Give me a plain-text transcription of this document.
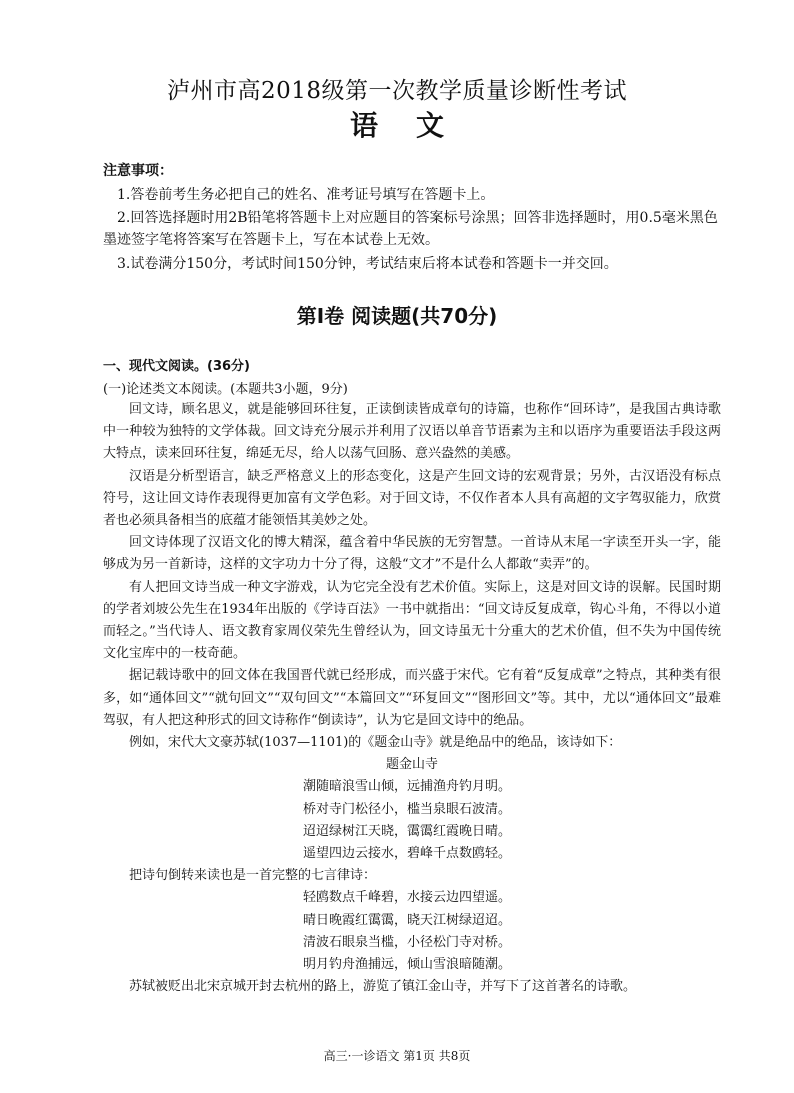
泸州市高2018级第一次教学质量诊断性考试
语 文
注意事项：
1.答卷前考生务必把自己的姓名、准考证号填写在答题卡上。
2.回答选择题时用2B铅笔将答题卡上对应题目的答案标号涂黑；回答非选择题时，用0.5毫米黑色墨迹签字笔将答案写在答题卡上，写在本试卷上无效。
3.试卷满分150分，考试时间150分钟，考试结束后将本试卷和答题卡一并交回。
第Ⅰ卷 阅读题(共70分)
一、现代文阅读。(36分)
(一)论述类文本阅读。(本题共3小题，9分)

回文诗，顾名思义，就是能够回环往复，正读倒读皆成章句的诗篇，也称作“回环诗”，是我国古典诗歌中一种较为独特的文学体裁。回文诗充分展示并利用了汉语以单音节语素为主和以语序为重要语法手段这两大特点，读来回环往复，绵延无尽，给人以荡气回肠、意兴盎然的美感。

汉语是分析型语言，缺乏严格意义上的形态变化，这是产生回文诗的宏观背景；另外，古汉语没有标点符号，这让回文诗作表现得更加富有文学色彩。对于回文诗，不仅作者本人具有高超的文字驾驭能力，欣赏者也必须具备相当的底蕴才能领悟其美妙之处。

回文诗体现了汉语文化的博大精深，蕴含着中华民族的无穷智慧。一首诗从末尾一字读至开头一字，能够成为另一首新诗，这样的文字功力十分了得，这般“文才”不是什么人都敢“卖弄”的。

有人把回文诗当成一种文字游戏，认为它完全没有艺术价值。实际上，这是对回文诗的误解。民国时期的学者刘坡公先生在1934年出版的《学诗百法》一书中就指出：“回文诗反复成章，钩心斗角，不得以小道而轻之。”当代诗人、语文教育家周仪荣先生曾经认为，回文诗虽无十分重大的艺术价值，但不失为中国传统文化宝库中的一枝奇葩。

据记载诗歌中的回文体在我国晋代就已经形成，而兴盛于宋代。它有着“反复成章”之特点，其种类有很多，如“通体回文”“就句回文”“双句回文”“本篇回文”“环复回文”“图形回文”等。其中，尤以“通体回文”最难驾驭，有人把这种形式的回文诗称作“倒读诗”，认为它是回文诗中的绝品。

例如，宋代大文豪苏轼(1037—1101)的《题金山寺》就是绝品中的绝品，该诗如下：

题金山寺

潮随暗浪雪山倾，远捕渔舟钓月明。

桥对寺门松径小，槛当泉眼石波清。

迢迢绿树江天晓，霭霭红霞晚日晴。

遥望四边云接水，碧峰千点数鸥轻。

把诗句倒转来读也是一首完整的七言律诗：

轻鸥数点千峰碧，水接云边四望遥。

晴日晚霞红霭霭，晓天江树绿迢迢。

清波石眼泉当槛，小径松门寺对桥。

明月钓舟渔捕远，倾山雪浪暗随潮。

苏轼被贬出北宋京城开封去杭州的路上，游览了镇江金山寺，并写下了这首著名的诗歌。

高三·一诊语文 第1页 共8页
